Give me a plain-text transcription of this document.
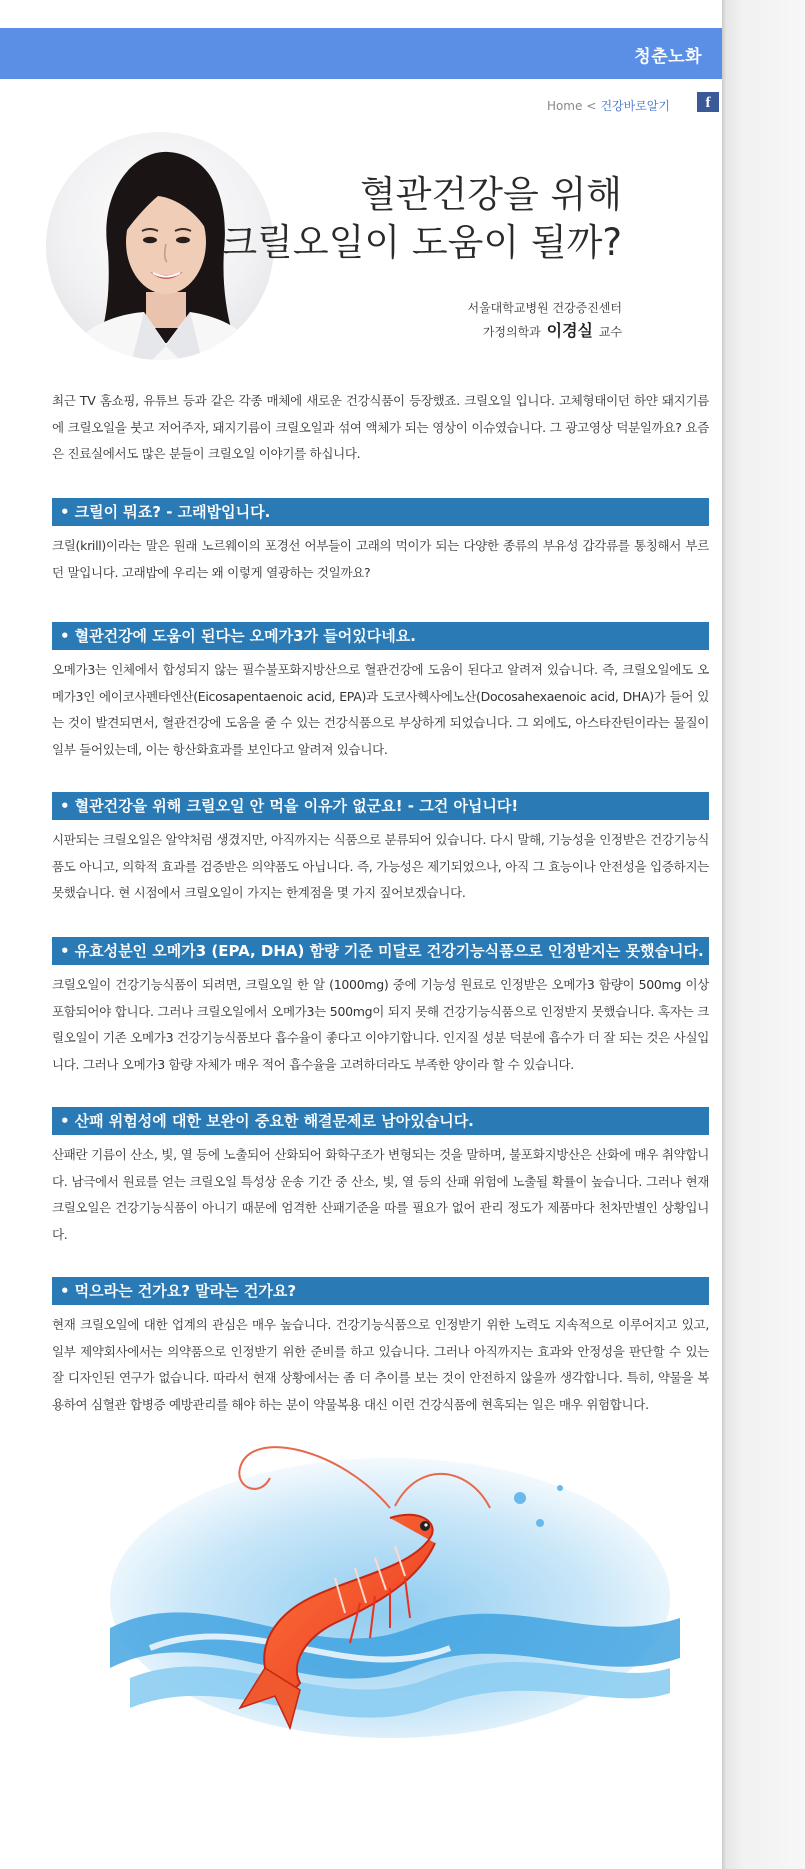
청춘노화
Home < 건강바로알기	f
혈관건강을 위해
크릴오일이 도움이 될까?
서울대학교병원 건강증진센터
가정의학과 이경실 교수

최근 TV 홈쇼핑, 유튜브 등과 같은 각종 매체에 새로운 건강식품이 등장했죠. 크릴오일 입니다. 고체형태이던 하얀 돼지기름에 크릴오일을 붓고 저어주자, 돼지기름이 크릴오일과 섞여 액체가 되는 영상이 이슈였습니다. 그 광고영상 덕분일까요? 요즘은 진료실에서도 많은 분들이 크릴오일 이야기를 하십니다.

• 크릴이 뭐죠? - 고래밥입니다.

크릴(krill)이라는 말은 원래 노르웨이의 포경선 어부들이 고래의 먹이가 되는 다양한 종류의 부유성 갑각류를 통칭해서 부르던 말입니다. 고래밥에 우리는 왜 이렇게 열광하는 것일까요?

• 혈관건강에 도움이 된다는 오메가3가 들어있다네요.

오메가3는 인체에서 합성되지 않는 필수불포화지방산으로 혈관건강에 도움이 된다고 알려져 있습니다. 즉, 크릴오일에도 오메가3인 에이코사펜타엔산(Eicosapentaenoic acid, EPA)과 도코사헥사에노산(Docosahexaenoic acid, DHA)가 들어 있는 것이 발견되면서, 혈관건강에 도움을 줄 수 있는 건강식품으로 부상하게 되었습니다. 그 외에도, 아스타잔틴이라는 물질이 일부 들어있는데, 이는 항산화효과를 보인다고 알려져 있습니다.

• 혈관건강을 위해 크릴오일 안 먹을 이유가 없군요! - 그건 아닙니다!

시판되는 크릴오일은 알약처럼 생겼지만, 아직까지는 식품으로 분류되어 있습니다. 다시 말해, 기능성을 인정받은 건강기능식품도 아니고, 의학적 효과를 검증받은 의약품도 아닙니다. 즉, 가능성은 제기되었으나, 아직 그 효능이나 안전성을 입증하지는 못했습니다. 현 시점에서 크릴오일이 가지는 한계점을 몇 가지 짚어보겠습니다.

• 유효성분인 오메가3 (EPA, DHA) 함량 기준 미달로 건강기능식품으로 인정받지는 못했습니다.

크릴오일이 건강기능식품이 되려면, 크릴오일 한 알 (1000mg) 중에 기능성 원료로 인정받은 오메가3 함량이 500mg 이상 포함되어야 합니다. 그러나 크릴오일에서 오메가3는 500mg이 되지 못해 건강기능식품으로 인정받지 못했습니다. 혹자는 크릴오일이 기존 오메가3 건강기능식품보다 흡수율이 좋다고 이야기합니다. 인지질 성분 덕분에 흡수가 더 잘 되는 것은 사실입니다. 그러나 오메가3 함량 자체가 매우 적어 흡수율을 고려하더라도 부족한 양이라 할 수 있습니다.

• 산패 위험성에 대한 보완이 중요한 해결문제로 남아있습니다.

산패란 기름이 산소, 빛, 열 등에 노출되어 산화되어 화학구조가 변형되는 것을 말하며, 불포화지방산은 산화에 매우 취약합니다. 남극에서 원료를 얻는 크릴오일 특성상 운송 기간 중 산소, 빛, 열 등의 산패 위험에 노출될 확률이 높습니다. 그러나 현재 크릴오일은 건강기능식품이 아니기 때문에 엄격한 산패기준을 따를 필요가 없어 관리 정도가 제품마다 천차만별인 상황입니다.

• 먹으라는 건가요? 말라는 건가요?

현재 크릴오일에 대한 업계의 관심은 매우 높습니다. 건강기능식품으로 인정받기 위한 노력도 지속적으로 이루어지고 있고, 일부 제약회사에서는 의약품으로 인정받기 위한 준비를 하고 있습니다. 그러나 아직까지는 효과와 안정성을 판단할 수 있는 잘 디자인된 연구가 없습니다. 따라서 현재 상황에서는 좀 더 추이를 보는 것이 안전하지 않을까 생각합니다. 특히, 약물을 복용하여 심혈관 합병증 예방관리를 해야 하는 분이 약물복용 대신 이런 건강식품에 현혹되는 일은 매우 위험합니다.
